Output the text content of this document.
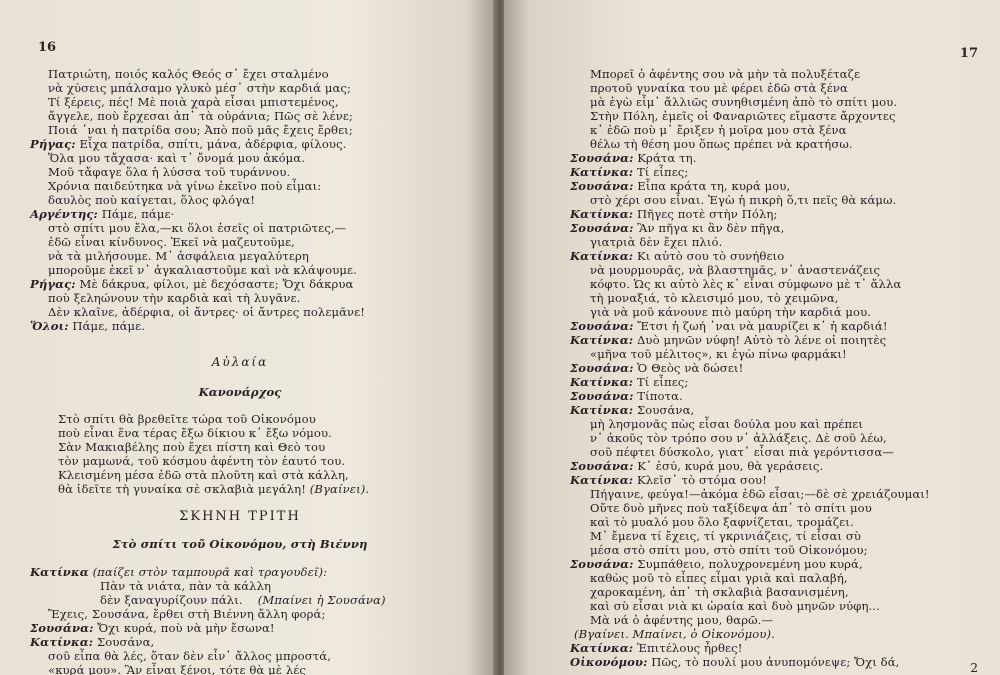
16
Πατριώτη, ποιός καλός Θεός σ᾽ ἔχει σταλμένο
νὰ χύσεις μπάλσαμο γλυκὸ μέσ᾽ στὴν καρδιά μας;
Τί ξέρεις, πές! Μὲ ποιὰ χαρὰ εἶσαι μπιστεμένος,
ἄγγελε, ποὺ ἔρχεσαι ἀπ᾽ τὰ οὐράνια; Πῶς σὲ λένε;
Ποιά ᾽ναι ἡ πατρίδα σου; Ἀπὸ ποῦ μᾶς ἔχεις ἔρθει;
Ρήγας: Εἶχα πατρίδα, σπίτι, μάνα, ἀδέρφια, φίλους.
Ὅλα μου τἄχασα· καὶ τ᾽ ὄνομά μου ἀκόμα.
Μοῦ τἄφαγε ὅλα ἡ λύσσα τοῦ τυράννου.
Χρόνια παιδεύτηκα νὰ γίνω ἐκεῖνο ποὺ εἶμαι:
δαυλὸς ποὺ καίγεται, ὅλος φλόγα!
Αργέντης: Πάμε, πάμε·
στὸ σπίτι μου ἔλα,—κι ὅλοι ἐσεῖς οἱ πατριῶτες,—
ἐδῶ εἶναι κίνδυνος. Ἐκεῖ νὰ μαζευτοῦμε,
νὰ τὰ μιλήσουμε. Μ᾽ ἀσφάλεια μεγαλύτερη
μποροῦμε ἐκεῖ ν᾽ ἀγκαλιαστοῦμε καὶ νὰ κλάψουμε.
Ρήγας: Μὲ δάκρυα, φίλοι, μὲ δεχόσαστε; Ὄχι δάκρυα
ποὺ ξεληώνουν τὴν καρδιὰ καὶ τὴ λυγᾶνε.
Δὲν κλαῖνε, ἀδέρφια, οἱ ἄντρες· οἱ ἄντρες πολεμᾶνε!
Ὅλοι: Πάμε, πάμε.
Αὐλαία
Κανονάρχος
Στὸ σπίτι θὰ βρεθεῖτε τώρα τοῦ Οἰκονόμου
ποὺ εἶναι ἕνα τέρας ἔξω δίκιου κ᾽ ἔξω νόμου.
Σὰν Μακιαβέλης ποὺ ἔχει πίστη καὶ Θεὸ του
τὸν μαμωνά, τοῦ κόσμου ἀφέντη τὸν ἑαυτό του.
Κλεισμένη μέσα ἐδῶ στὰ πλοῦτη καὶ στὰ κάλλη,
θὰ ἰδεῖτε τὴ γυναίκα σὲ σκλαβιὰ μεγάλη! (Βγαίνει).
ΣΚΗΝΗ ΤΡΙΤΗ
Στὸ σπίτι τοῦ Οἰκονόμου, στὴ Βιέννη
Κατίνκα (παίζει στὸν ταμπουρᾶ καὶ τραγουδεῖ):
Πὰν τὰ νιάτα, πὰν τὰ κάλλη
δὲν ξαναγυρίζουν πάλι. (Μπαίνει ἡ Σουσάνα)
Ἔχεις, Σουσάνα, ἔρθει στὴ Βιέννη ἄλλη φορά;
Σουσάνα: Ὄχι κυρά, ποὺ νὰ μὴν ἔσωνα!
Κατίνκα: Σουσάνα,
σοῦ εἶπα θὰ λές, ὅταν δὲν εἶν᾽ ἄλλος μπροστά,
«κυρά μου». Ἂν εἶναι ξένοι, τότε θὰ μὲ λές
17
Μπορεῖ ὁ ἀφέντης σου νὰ μὴν τὰ πολυξέταζε
προτοῦ γυναίκα του μὲ φέρει ἐδῶ στὰ ξένα
μὰ ἐγὼ εἶμ᾽ ἄλλιῶς συνηθισμένη ἀπὸ τὸ σπίτι μου.
Στὴν Πόλη, ἐμεῖς οἱ Φαναριῶτες εἴμαστε ἄρχοντες
κ᾽ ἐδῶ ποὺ μ᾽ ἔριξεν ἡ μοῖρα μου στὰ ξένα
θέλω τὴ θέση μου ὅπως πρέπει νὰ κρατήσω.
Σουσάνα: Κράτα τη.
Κατίνκα: Τί εἶπες;
Σουσάνα: Εἶπα κράτα τη, κυρά μου,
στὸ χέρι σου εἶναι. Ἐγὼ ἡ πικρὴ ὅ,τι πεῖς θὰ κάμω.
Κατίνκα: Πῆγες ποτὲ στὴν Πόλη;
Σουσάνα: Ἂν πῆγα κι ἂν δὲν πῆγα,
γιατριὰ δὲν ἔχει πλιό.
Κατίνκα: Κι αὐτὸ σου τὸ συνήθειο
νὰ μουρμουρᾶς, νὰ βλαστημᾶς, ν᾽ ἀναστενάζεις
κόφτο. Ὡς κι αὐτὸ λὲς κ᾽ εἶναι σύμφωνο μὲ τ᾽ ἄλλα
τὴ μοναξιά, τὸ κλεισιμό μου, τὸ χειμῶνα,
γιὰ νὰ μοῦ κάνουνε πιὸ μαύρη τὴν καρδιά μου.
Σουσάνα: Ἔτσι ἡ ζωή ᾽ναι νὰ μαυρίζει κ᾽ ἡ καρδιά!
Κατίνκα: Δυὸ μηνῶν νύφη! Αὐτὸ τὸ λένε οἱ ποιητὲς
«μῆνα τοῦ μέλιτος», κι ἐγὼ πίνω φαρμάκι!
Σουσάνα: Ὁ Θεὸς νὰ δώσει!
Κατίνκα: Τί εἶπες;
Σουσάνα: Τίποτα.
Κατίνκα: Σουσάνα,
μὴ λησμονᾶς πὼς εἶσαι δούλα μου καὶ πρέπει
ν᾽ ἀκοῦς τὸν τρόπο σου ν᾽ ἀλλάξεις. Δὲ σοῦ λέω,
σοῦ πέφτει δύσκολο, γιατ᾽ εἶσαι πιὰ γερόντισσα—
Σουσάνα: Κ᾽ ἐσύ, κυρά μου, θὰ γεράσεις.
Κατίνκα: Κλεῖσ᾽ τὸ στόμα σου!
Πήγαινε, φεύγα!—ἀκόμα ἐδῶ εἶσαι;—δὲ σὲ χρειάζουμαι!
Οὔτε δυὸ μῆνες ποὺ ταξίδεψα ἀπ᾽ τὸ σπίτι μου
καὶ τὸ μυαλό μου ὅλο ξαφνίζεται, τρομάζει.
Μ᾽ ἔμενα τί ἔχεις, τί γκρινιάζεις, τί εἶσαι σὺ
μέσα στὸ σπίτι μου, στὸ σπίτι τοῦ Οἰκονόμου;
Σουσάνα: Συμπάθειο, πολυχρονεμένη μου κυρά,
καθὼς μοῦ τὸ εἶπες εἶμαι γριὰ καὶ παλαβή,
χαροκαμένη, ἀπ᾽ τὴ σκλαβιὰ βασανισμένη,
καὶ σὺ εἶσαι νιὰ κι ὡραία καὶ δυὸ μηνῶν νύφη...
Μὰ νά ὁ ἀφέντης μου, θαρῶ.—
(Βγαίνει. Μπαίνει, ὁ Οἰκονόμου).
Κατίνκα: Ἐπιτέλους ἦρθες!
Οἰκονόμου: Πῶς, τὸ πουλί μου ἀνυπομόνεψε; Ὄχι δά,	2
